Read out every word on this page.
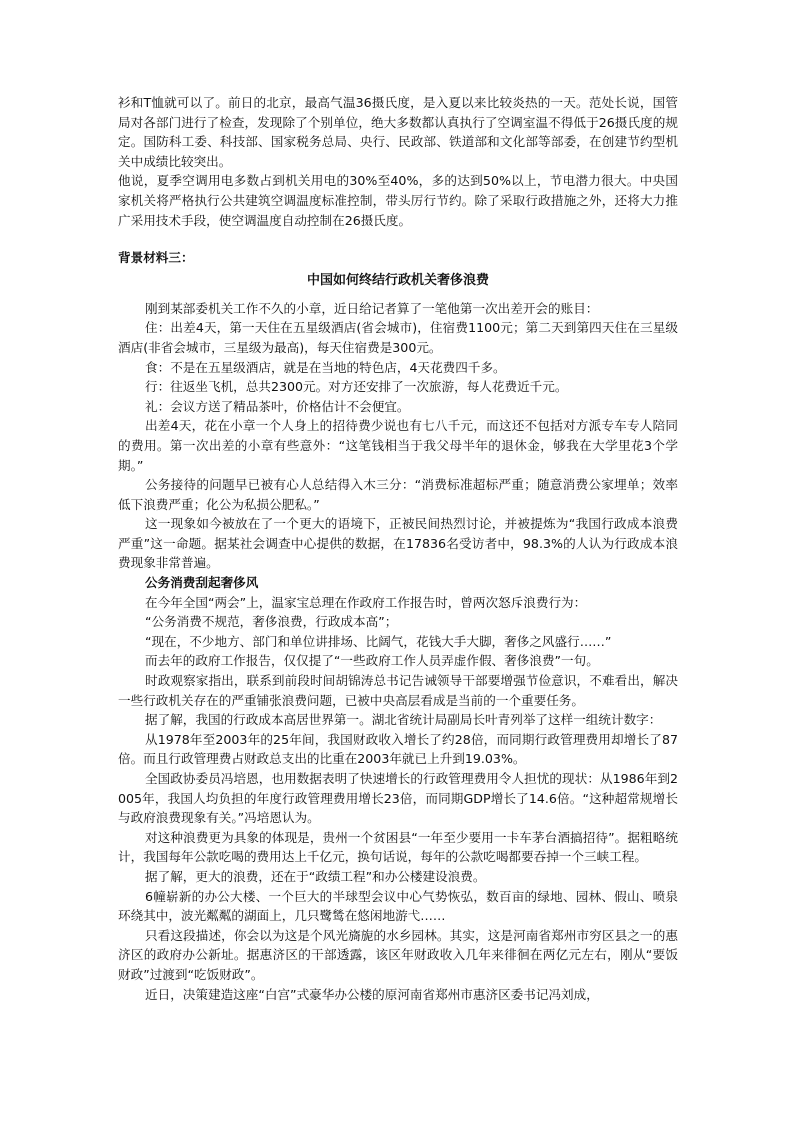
衫和T恤就可以了。前日的北京，最高气温36摄氏度，是入夏以来比较炎热的一天。范处长说，国管局对各部门进行了检查，发现除了个别单位，绝大多数都认真执行了空调室温不得低于26摄氏度的规定。国防科工委、科技部、国家税务总局、央行、民政部、铁道部和文化部等部委，在创建节约型机关中成绩比较突出。

他说，夏季空调用电多数占到机关用电的30%至40%，多的达到50%以上，节电潜力很大。中央国家机关将严格执行公共建筑空调温度标准控制，带头厉行节约。除了采取行政措施之外，还将大力推广采用技术手段，使空调温度自动控制在26摄氏度。

背景材料三：

中国如何终结行政机关奢侈浪费

刚到某部委机关工作不久的小章，近日给记者算了一笔他第一次出差开会的账目：

住：出差4天，第一天住在五星级酒店(省会城市)，住宿费1100元；第二天到第四天住在三星级酒店(非省会城市，三星级为最高)，每天住宿费是300元。

食：不是在五星级酒店，就是在当地的特色店，4天花费四千多。

行：往返坐飞机，总共2300元。对方还安排了一次旅游，每人花费近千元。

礼：会议方送了精品茶叶，价格估计不会便宜。

出差4天，花在小章一个人身上的招待费少说也有七八千元，而这还不包括对方派专车专人陪同的费用。第一次出差的小章有些意外：“这笔钱相当于我父母半年的退休金，够我在大学里花3个学期。”

公务接待的问题早已被有心人总结得入木三分：“消费标准超标严重；随意消费公家埋单；效率低下浪费严重；化公为私损公肥私。”

这一现象如今被放在了一个更大的语境下，正被民间热烈讨论，并被提炼为“我国行政成本浪费严重”这一命题。据某社会调查中心提供的数据，在17836名受访者中，98.3%的人认为行政成本浪费现象非常普遍。

公务消费刮起奢侈风

在今年全国“两会”上，温家宝总理在作政府工作报告时，曾两次怒斥浪费行为：

“公务消费不规范，奢侈浪费，行政成本高”；

“现在，不少地方、部门和单位讲排场、比阔气，花钱大手大脚，奢侈之风盛行……”

而去年的政府工作报告，仅仅提了“一些政府工作人员弄虚作假、奢侈浪费”一句。

时政观察家指出，联系到前段时间胡锦涛总书记告诫领导干部要增强节俭意识，不难看出，解决一些行政机关存在的严重铺张浪费问题，已被中央高层看成是当前的一个重要任务。

据了解，我国的行政成本高居世界第一。湖北省统计局副局长叶青列举了这样一组统计数字：

从1978年至2003年的25年间，我国财政收入增长了约28倍，而同期行政管理费用却增长了87倍。而且行政管理费占财政总支出的比重在2003年就已上升到19.03%。

全国政协委员冯培恩，也用数据表明了快速增长的行政管理费用令人担忧的现状：从1986年到2005年，我国人均负担的年度行政管理费用增长23倍，而同期GDP增长了14.6倍。“这种超常规增长与政府浪费现象有关。”冯培恩认为。

对这种浪费更为具象的体现是，贵州一个贫困县“一年至少要用一卡车茅台酒搞招待”。据粗略统计，我国每年公款吃喝的费用达上千亿元，换句话说，每年的公款吃喝都要吞掉一个三峡工程。

据了解，更大的浪费，还在于“政绩工程”和办公楼建设浪费。

6幢崭新的办公大楼、一个巨大的半球型会议中心气势恢弘，数百亩的绿地、园林、假山、喷泉环绕其中，波光粼粼的湖面上，几只鹭鸶在悠闲地游弋……

只看这段描述，你会以为这是个风光旖旎的水乡园林。其实，这是河南省郑州市穷区县之一的惠济区的政府办公新址。据惠济区的干部透露，该区年财政收入几年来徘徊在两亿元左右，刚从“要饭财政”过渡到“吃饭财政”。

近日，决策建造这座“白宫”式豪华办公楼的原河南省郑州市惠济区委书记冯刘成，
